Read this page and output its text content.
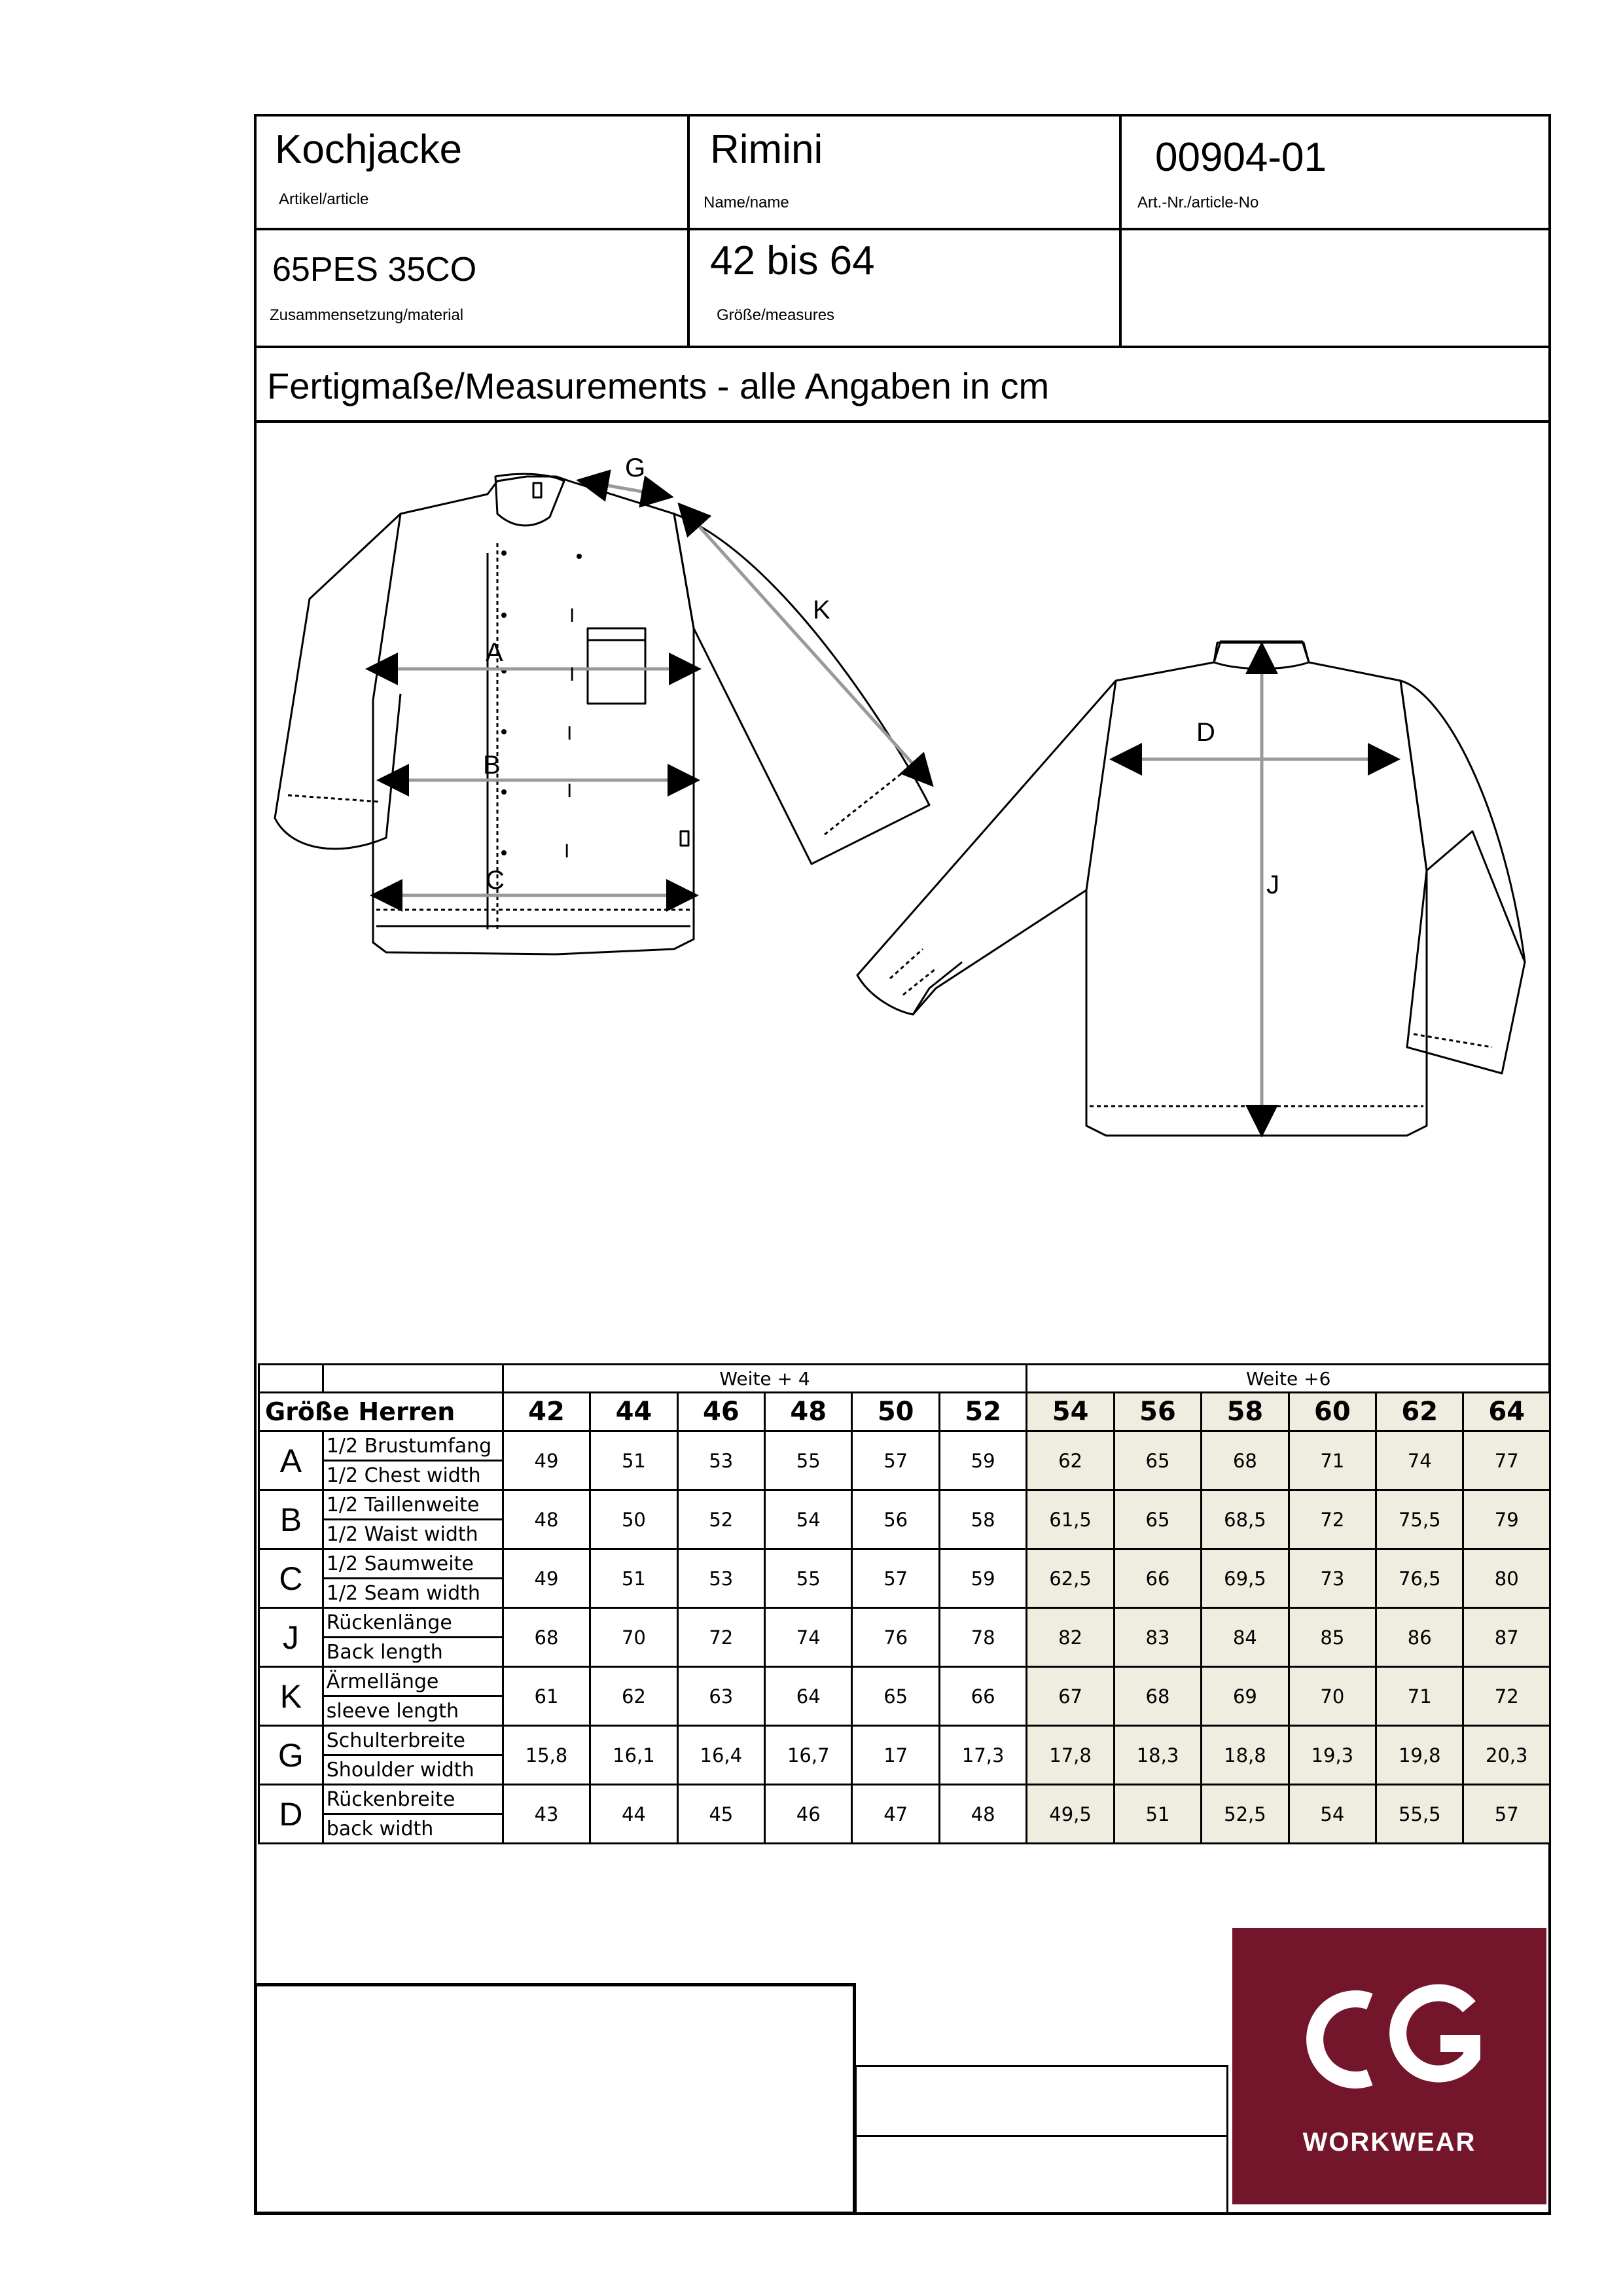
Kochjacke
Artikel/article
Rimini
Name/name
00904-01
Art.-Nr./article-No
65PES 35CO
Zusammensetzung/material
42 bis 64
Größe/measures
Fertigmaße/Measurements - alle Angaben in cm
A
B
C
G
K
D
J
I
I
I
I
I
		Weite + 4						Weite +6					
Größe Herren		42	44	46	48	50	52	54	56	58	60	62	64
A	1/2 Brustumfang	49	51	53	55	57	59	62	65	68	71	74	77
	1/2 Chest width												
B	1/2 Taillenweite	48	50	52	54	56	58	61,5	65	68,5	72	75,5	79
	1/2 Waist width												
C	1/2 Saumweite	49	51	53	55	57	59	62,5	66	69,5	73	76,5	80
	1/2 Seam width												
J	Rückenlänge	68	70	72	74	76	78	82	83	84	85	86	87
	Back length												
K	Ärmellänge	61	62	63	64	65	66	67	68	69	70	71	72
	sleeve length												
G	Schulterbreite	15,8	16,1	16,4	16,7	17	17,3	17,8	18,3	18,8	19,3	19,8	20,3
	Shoulder width												
D	Rückenbreite	43	44	45	46	47	48	49,5	51	52,5	54	55,5	57
	back width												
WORKWEAR
